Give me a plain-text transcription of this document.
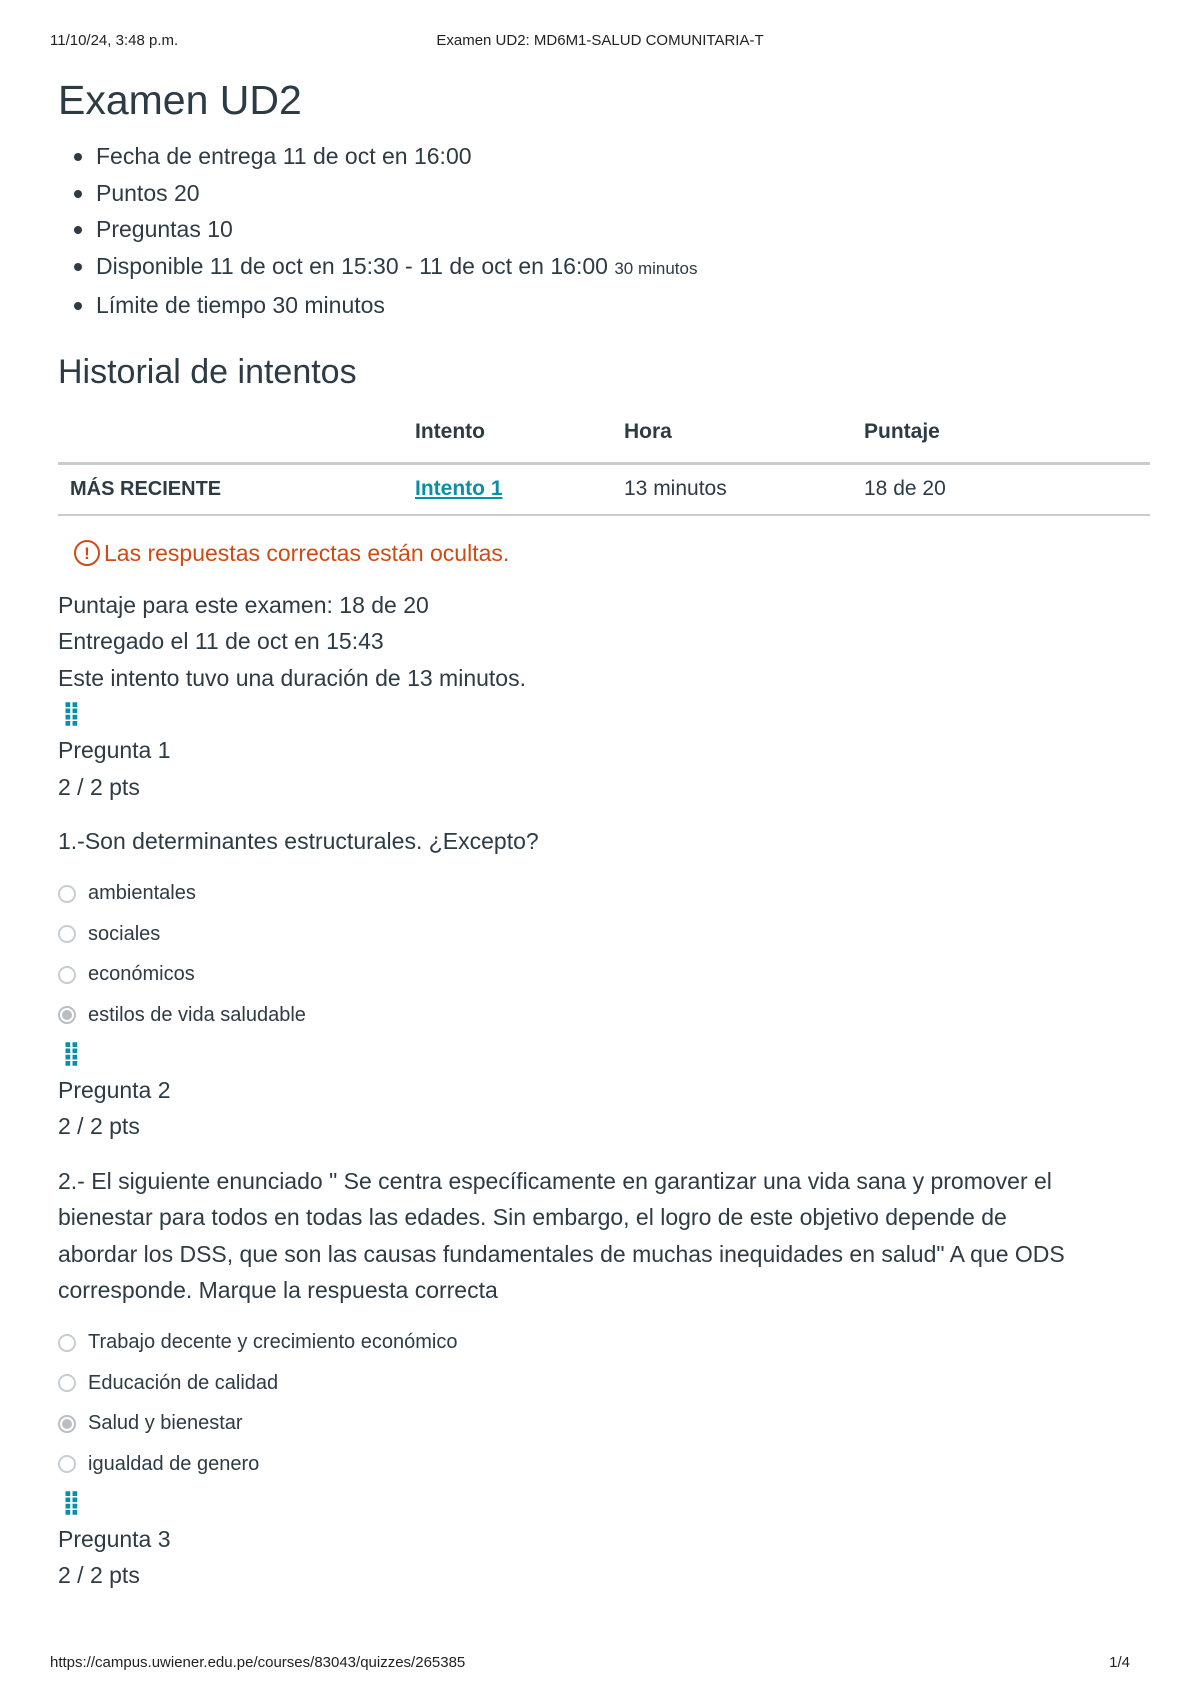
11/10/24, 3:48 p.m.	Examen UD2: MD6M1-SALUD COMUNITARIA-T
Examen UD2
Fecha de entrega 11 de oct en 16:00
Puntos 20
Preguntas 10
Disponible 11 de oct en 15:30 - 11 de oct en 16:00 30 minutos
Límite de tiempo 30 minutos
Historial de intentos
	Intento	Hora	Puntaje
MÁS RECIENTE	Intento 1	13 minutos	18 de 20
! Las respuestas correctas están ocultas.
Puntaje para este examen: 18 de 20
Entregado el 11 de oct en 15:43
Este intento tuvo una duración de 13 minutos.
⣿
Pregunta 1
2 / 2 pts
1.-Son determinantes estructurales. ¿Excepto?
ambientales
sociales
económicos
estilos de vida saludable
⣿
Pregunta 2
2 / 2 pts
2.- El siguiente enunciado " Se centra específicamente en garantizar una vida sana y promover el
bienestar para todos en todas las edades. Sin embargo, el logro de este objetivo depende de
abordar los DSS, que son las causas fundamentales de muchas inequidades en salud" A que ODS
corresponde. Marque la respuesta correcta
Trabajo decente y crecimiento económico
Educación de calidad
Salud y bienestar
igualdad de genero
⣿
Pregunta 3
2 / 2 pts
https://campus.uwiener.edu.pe/courses/83043/quizzes/265385	1/4
